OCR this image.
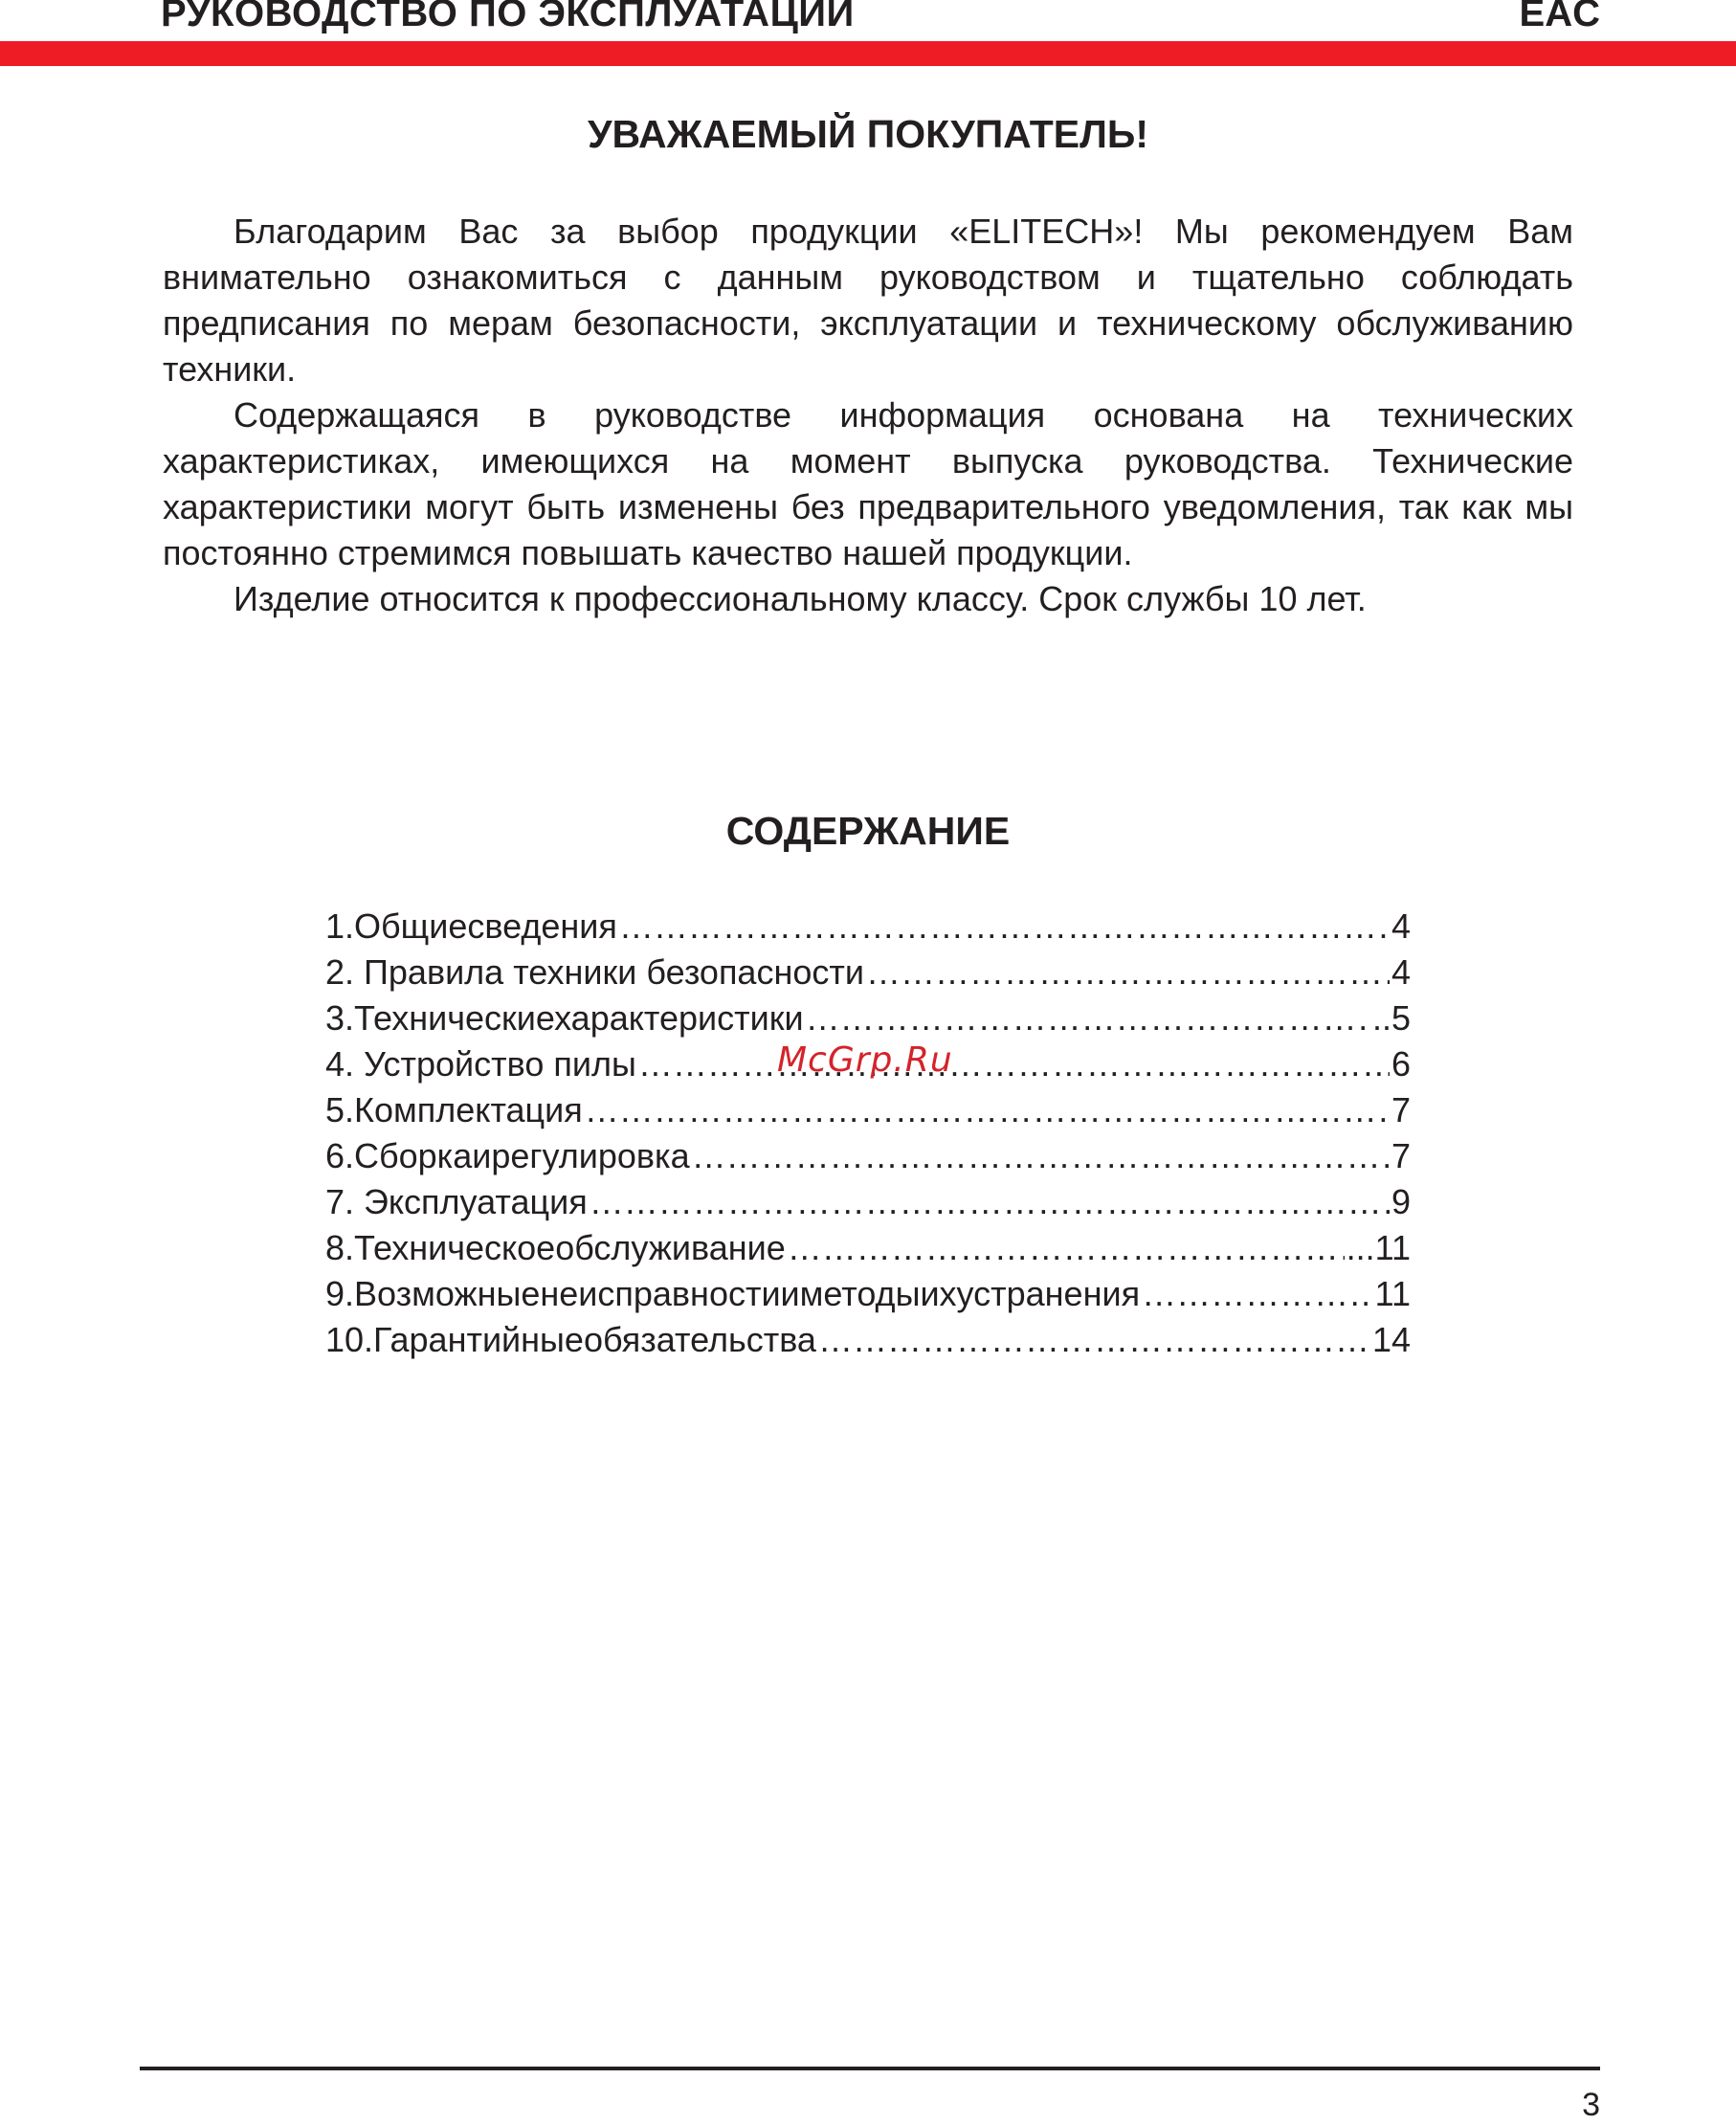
РУКОВОДСТВО ПО ЭКСПЛУАТАЦИИ	EAC
УВАЖАЕМЫЙ ПОКУПАТЕЛЬ!

Благодарим Вас за выбор продукции «ELITECH»! Мы рекомендуем Вам внимательно ознакомиться с данным руководством и тщательно соблюдать предписания по мерам безопасности, эксплуатации и техническому обслуживанию техники.

Содержащаяся в руководстве информация основана на технических характеристиках, имеющихся на момент выпуска руководства. Технические характеристики могут быть изменены без предварительного уведомления, так как мы постоянно стремимся повышать качество нашей продукции.

Изделие относится к профессиональному классу. Срок службы 10 лет.

СОДЕРЖАНИЕ
1.Общиесведения ……………………………………………………………………………………………………………………………………………………………	4
2. Правила техники безопасности ……………………………………………………………………………………………………………………………………………………………	4
3.Техническиехарактеристики ……………………………………………………………………………………………………………………………………………………………	..5
4. Устройство пилы ……………………………………………………………………………………………………………………………………………………………	6
5.Комплектация ……………………………………………………………………………………………………………………………………………………………	7
6.Сборкаирегулировка ……………………………………………………………………………………………………………………………………………………………	7
7. Эксплуатация ……………………………………………………………………………………………………………………………………………………………	9
8.Техническоеобслуживание ……………………………………………………………………………………………………………………………………………………………	...11
9.Возможныенеисправностииметодыихустранения ……………………………………………………………………………………………………………………………………………………………	11
10.Гарантийныеобязательства ……………………………………………………………………………………………………………………………………………………………	14
McGrp.Ru
3
